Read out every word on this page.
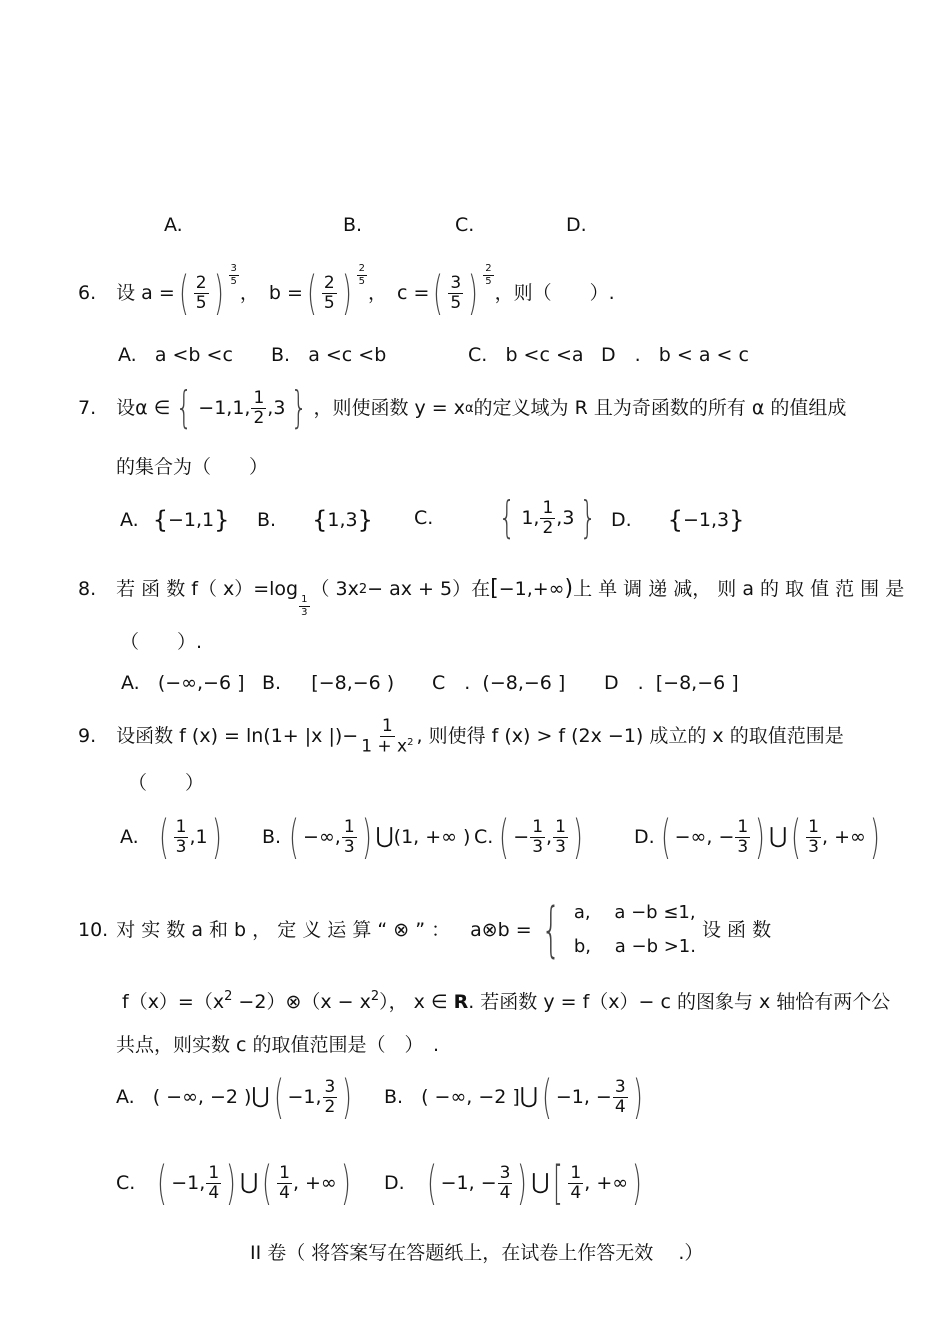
A.	B.	C.	D.
6. 设 a = ( $\frac{2}{5}$ ) $\frac{3}{5}$
， b = ( $\frac{2}{5}$ ) $\frac{2}{5}$
， c = ( $\frac{3}{5}$ ) $\frac{2}{5}$
，则（　　）.
A. a <b <c B. a <c <b	C. b <c <a D　. b < a < c
7. 设 α ∈ { −1,1, $\frac{1}{2} ,3$ } ，则使函数 y = x α 的定义域为 R 且为奇函数的所有 α 的值组成
的集合为（　　）
A. { −1,1 } B. { 1,3 } C. { 1, $\frac{1}{2} ,3$ } D. { −1,3 }
8. 若 函 数 f（ x）=log
$\frac{1}{3}$
（ 3x 2 − ax + 5）在 [ −1,+∞ ) 上 单 调 递 减， 则 a 的 取 值 范 围 是
（　　）.
A. (−∞,−6 ] B. [−8,−6 ) C　. (−8,−6 ] D　. [−8,−6 ]
9. 设函数 f (x) = ln(1+ |x |)− $\frac{1}{1 + x^2}$ , 则使得 f (x) > f (2x −1) 成立的 x 的取值范围是
（　　）
A. ( $\frac{1}{3} ,1$ ) B. ( −∞, $\frac{1}{3}$ ) ⋃ (1, +∞ ) C. ( − $\frac{1}{3}$ , $\frac{1}{3}$ )	D. ( −∞, − $\frac{1}{3}$ ) ⋃ ( $\frac{1}{3}$ , +∞ )
10. 对 实 数 a 和 b ， 定 义 运 算 “ ⊗ ” ： a⊗b = { a,　 a −b ≤1,
b,　 a −b >1.
设 函 数
$f(x)=(x^2$ −2）⊗（x − $x^2$）， x ∈ R. 若函数 y = f（x）− c 的图象与 x 轴恰有两个公
共点，则实数 c 的取值范围是（　）　.
A. ( −∞, −2 ) ⋃ ( −1, $\frac{3}{2}$ ) B. ( −∞, −2 ] ⋃ ( −1, − $\frac{3}{4}$ )
C. ( −1, $\frac{1}{4}$ ) ⋃ ( $\frac{1}{4}$ , +∞ ) D. ( −1, − $\frac{3}{4}$ ) ⋃ [ $\frac{1}{4}$ , +∞ )
II 卷（ 将答案写在答题纸上，在试卷上作答无效　 .）
